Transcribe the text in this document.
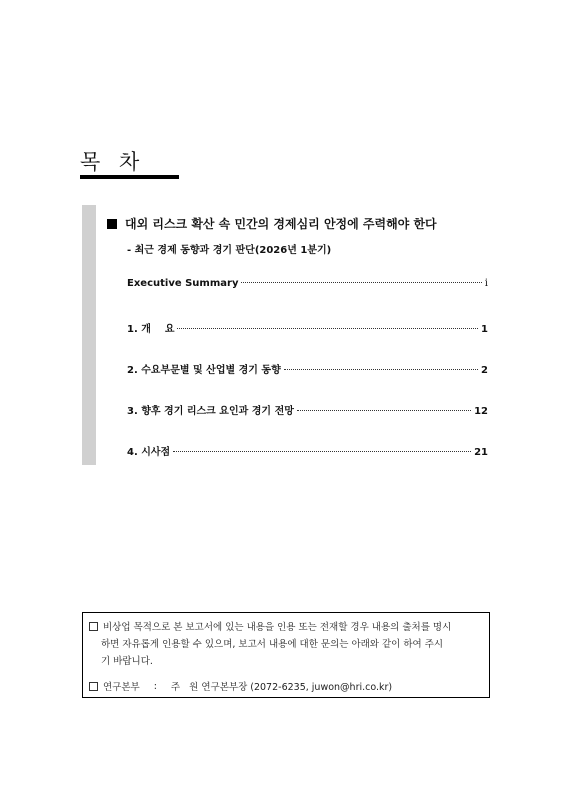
목 차
대외 리스크 확산 속 민간의 경제심리 안정에 주력해야 한다
- 최근 경제 동향과 경기 판단(2026년 1분기)
Executive Summary	ⅰ
1. 개    요	1
2. 수요부문별 및 산업별 경기 동향	2
3. 향후 경기 리스크 요인과 경기 전망	12
4. 시사점	21
비상업 목적으로 본 보고서에 있는 내용을 인용 또는 전재할 경우 내용의 출처를 명시
하면 자유롭게 인용할 수 있으며, 보고서 내용에 대한 문의는 아래와 같이 하여 주시
기 바랍니다.
연구본부 : 주   원 연구본부장 (2072-6235, juwon@hri.co.kr)
